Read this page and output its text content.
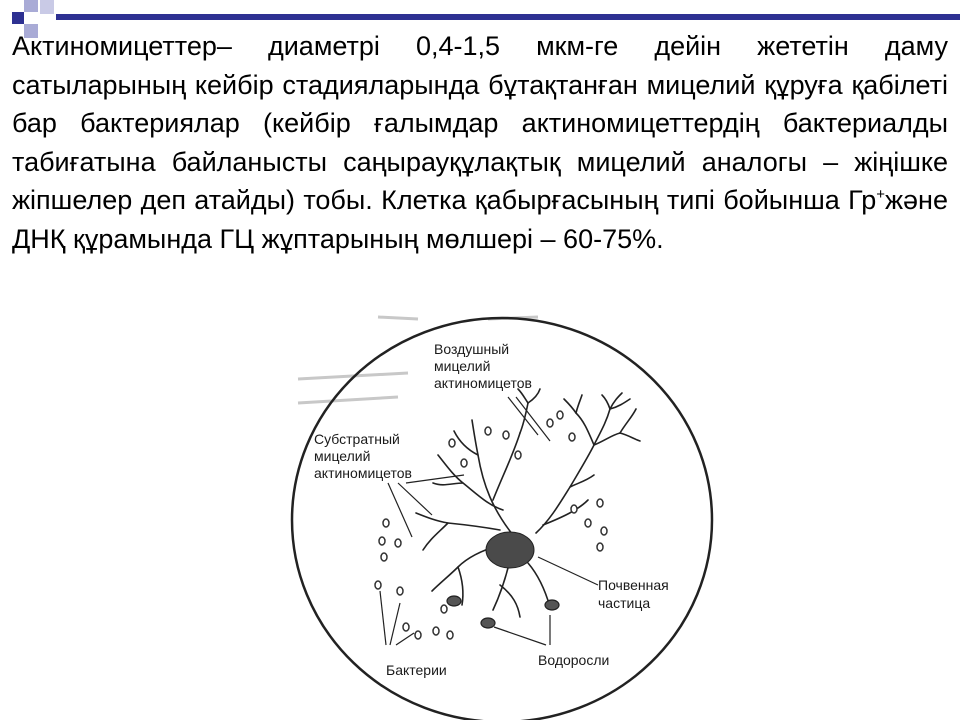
Актиномицеттер– диаметрі 0,4-1,5 мкм-ге дейін жететін даму сатыларының кейбір стадияларында бұтақтанған мицелий құруға қабілеті бар бактериялар (кейбір ғалымдар актиномицеттердің бактериалды табиғатына байланысты саңырауқұлақтық мицелий аналогы – жіңішке жіпшелер деп атайды) тобы. Клетка қабырғасының типі бойынша Гр+және ДНҚ құрамында ГЦ жұптарының мөлшері – 60-75%.

Воздушный
мицелий
актиномицетов
Субстратный
мицелий
актиномицетов
Почвенная
частица
Бактерии
Водоросли
